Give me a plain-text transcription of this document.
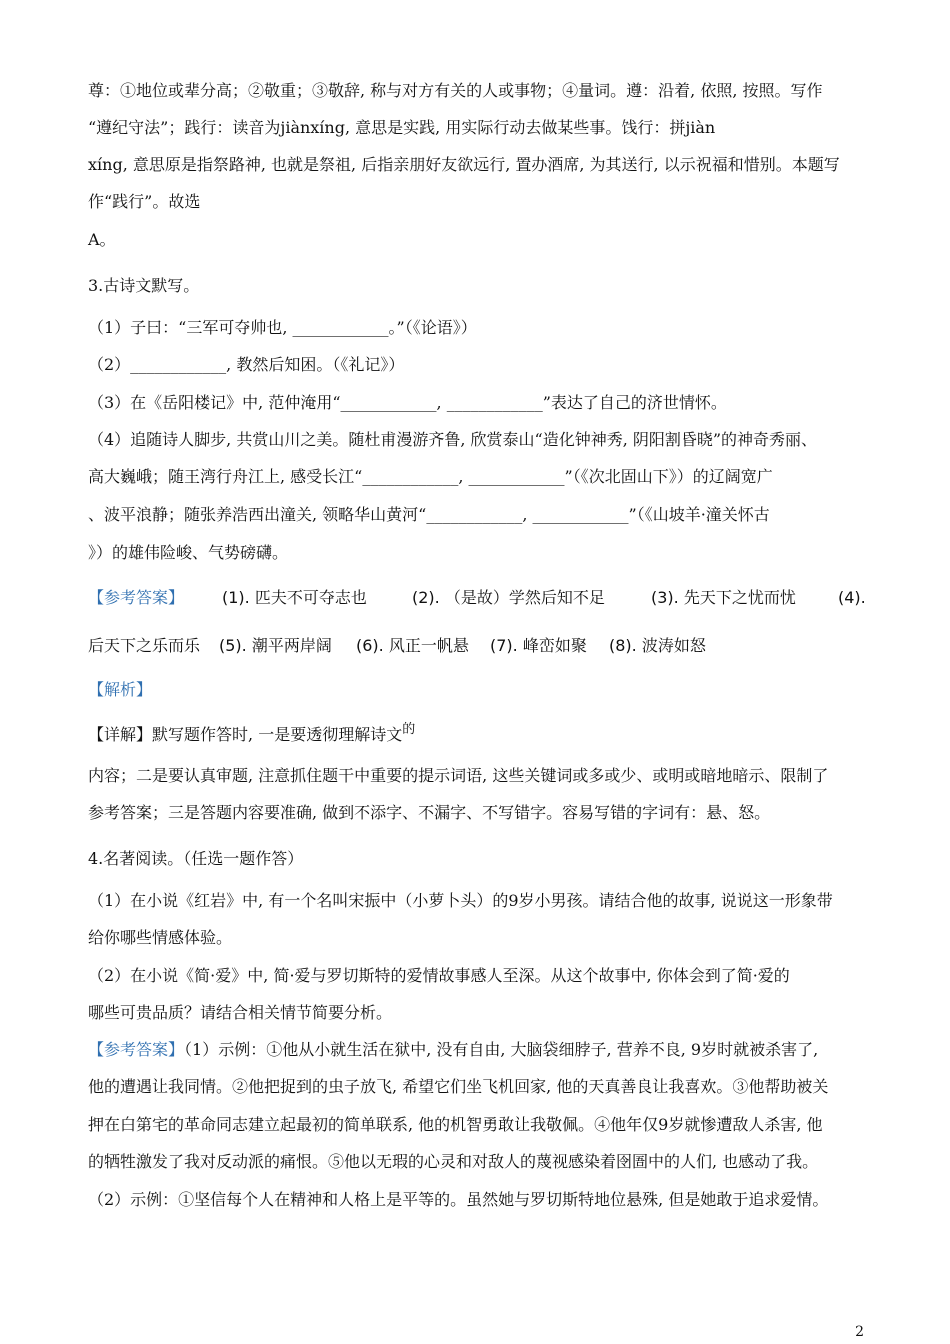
尊：①地位或辈分高；②敬重；③敬辞, 称与对方有关的人或事物；④量词。遵：沿着, 依照, 按照。写作
“遵纪守法”；践行：读音为jiànxíng, 意思是实践, 用实际行动去做某些事。饯行：拼jiàn
xíng, 意思原是指祭路神, 也就是祭祖, 后指亲朋好友欲远行, 置办酒席, 为其送行, 以示祝福和惜别。本题写
作“践行”。故选
A。
3.古诗文默写。
（1）子曰：“三军可夺帅也, ____________。”（《论语》）
（2）____________, 教然后知困。（《礼记》）
（3）在《岳阳楼记》中, 范仲淹用“____________, ____________”表达了自己的济世情怀。
（4）追随诗人脚步, 共赏山川之美。随杜甫漫游齐鲁, 欣赏泰山“造化钟神秀, 阴阳割昏晓”的神奇秀丽、
高大巍峨；随王湾行舟江上, 感受长江“____________, ____________”（《次北固山下》）的辽阔宽广
、波平浪静；随张养浩西出潼关, 领略华山黄河“____________, ____________”（《山坡羊·潼关怀古
》）的雄伟险峻、气势磅礴。
【参考答案】 (1). 匹夫不可夺志也	(2). （是故）学然后知不足	(3). 先天下之忧而忧	(4).
后天下之乐而乐 (5). 潮平两岸阔 (6). 风正一帆悬 (7). 峰峦如聚 (8). 波涛如怒
【解析】
【详解】默写题作答时, 一是要透彻理解诗文$^的$
内容；二是要认真审题, 注意抓住题干中重要的提示词语, 这些关键词或多或少、或明或暗地暗示、限制了
参考答案；三是答题内容要准确, 做到不添字、不漏字、不写错字。容易写错的字词有：悬、怒。
4.名著阅读。（任选一题作答）
（1）在小说《红岩》中, 有一个名叫宋振中（小萝卜头）的9岁小男孩。请结合他的故事, 说说这一形象带
给你哪些情感体验。
（2）在小说《简·爱》中, 简·爱与罗切斯特的爱情故事感人至深。从这个故事中, 你体会到了简·爱的
哪些可贵品质？请结合相关情节简要分析。
【参考答案】（1）示例：①他从小就生活在狱中, 没有自由, 大脑袋细脖子, 营养不良, 9岁时就被杀害了,
他的遭遇让我同情。②他把捉到的虫子放飞, 希望它们坐飞机回家, 他的天真善良让我喜欢。③他帮助被关
押在白第宅的革命同志建立起最初的简单联系, 他的机智勇敢让我敬佩。④他年仅9岁就惨遭敌人杀害, 他
的牺牲激发了我对反动派的痛恨。⑤他以无瑕的心灵和对敌人的蔑视感染着囹圄中的人们, 也感动了我。
（2）示例：①坚信每个人在精神和人格上是平等的。虽然她与罗切斯特地位悬殊, 但是她敢于追求爱情。
2
